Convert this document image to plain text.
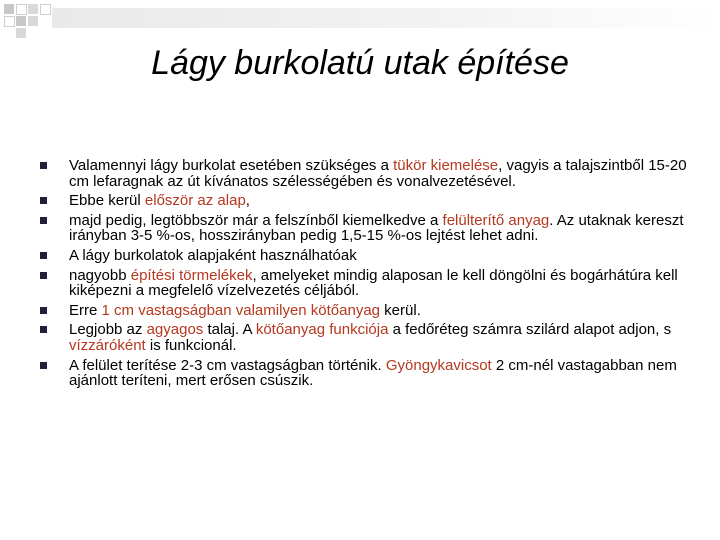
Lágy burkolatú utak építése
Valamennyi lágy burkolat esetében szükséges a tükör kiemelése, vagyis a talajszintből 15-20 cm lefaragnak az út kívánatos szélességében és vonalvezetésével.
Ebbe kerül először az alap,
majd pedig, legtöbbször már a felszínből kiemelkedve a felülterítő anyag. Az utaknak kereszt irányban 3-5 %-os, hosszirányban pedig 1,5-15 %-os lejtést lehet adni.
A lágy burkolatok alapjaként használhatóak
nagyobb építési törmelékek, amelyeket mindig alaposan le kell döngölni és bogárhátúra kell kiképezni a megfelelő vízelvezetés céljából.
Erre 1 cm vastagságban valamilyen kötőanyag kerül.
Legjobb az agyagos talaj. A kötőanyag funkciója a fedőréteg számra szilárd alapot adjon, s vízzáróként is funkcionál.
A felület terítése 2-3 cm vastagságban történik. Gyöngykavicsot 2 cm-nél vastagabban nem ajánlott teríteni, mert erősen csúszik.
